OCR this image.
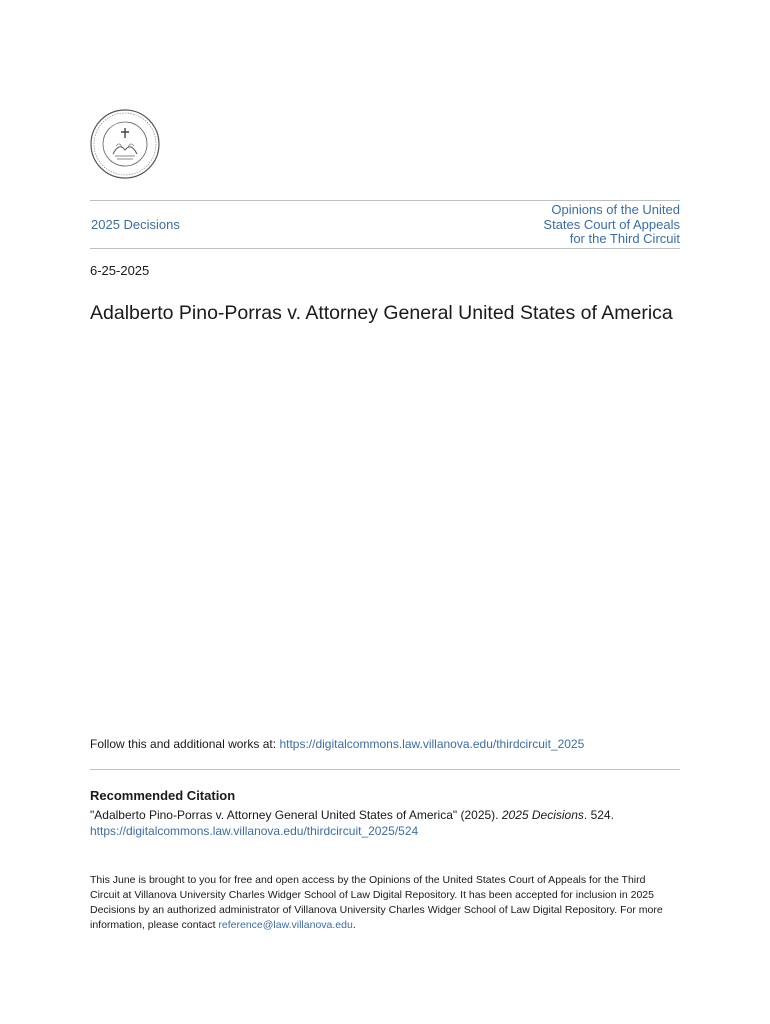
2025 Decisions
Opinions of the United
States Court of Appeals
for the Third Circuit
6-25-2025
Adalberto Pino-Porras v. Attorney General United States of America
Follow this and additional works at: https://digitalcommons.law.villanova.edu/thirdcircuit_2025
Recommended Citation
"Adalberto Pino-Porras v. Attorney General United States of America" (2025). 2025 Decisions. 524.
https://digitalcommons.law.villanova.edu/thirdcircuit_2025/524
This June is brought to you for free and open access by the Opinions of the United States Court of Appeals for the Third Circuit at Villanova University Charles Widger School of Law Digital Repository. It has been accepted for inclusion in 2025 Decisions by an authorized administrator of Villanova University Charles Widger School of Law Digital Repository. For more information, please contact reference@law.villanova.edu.
